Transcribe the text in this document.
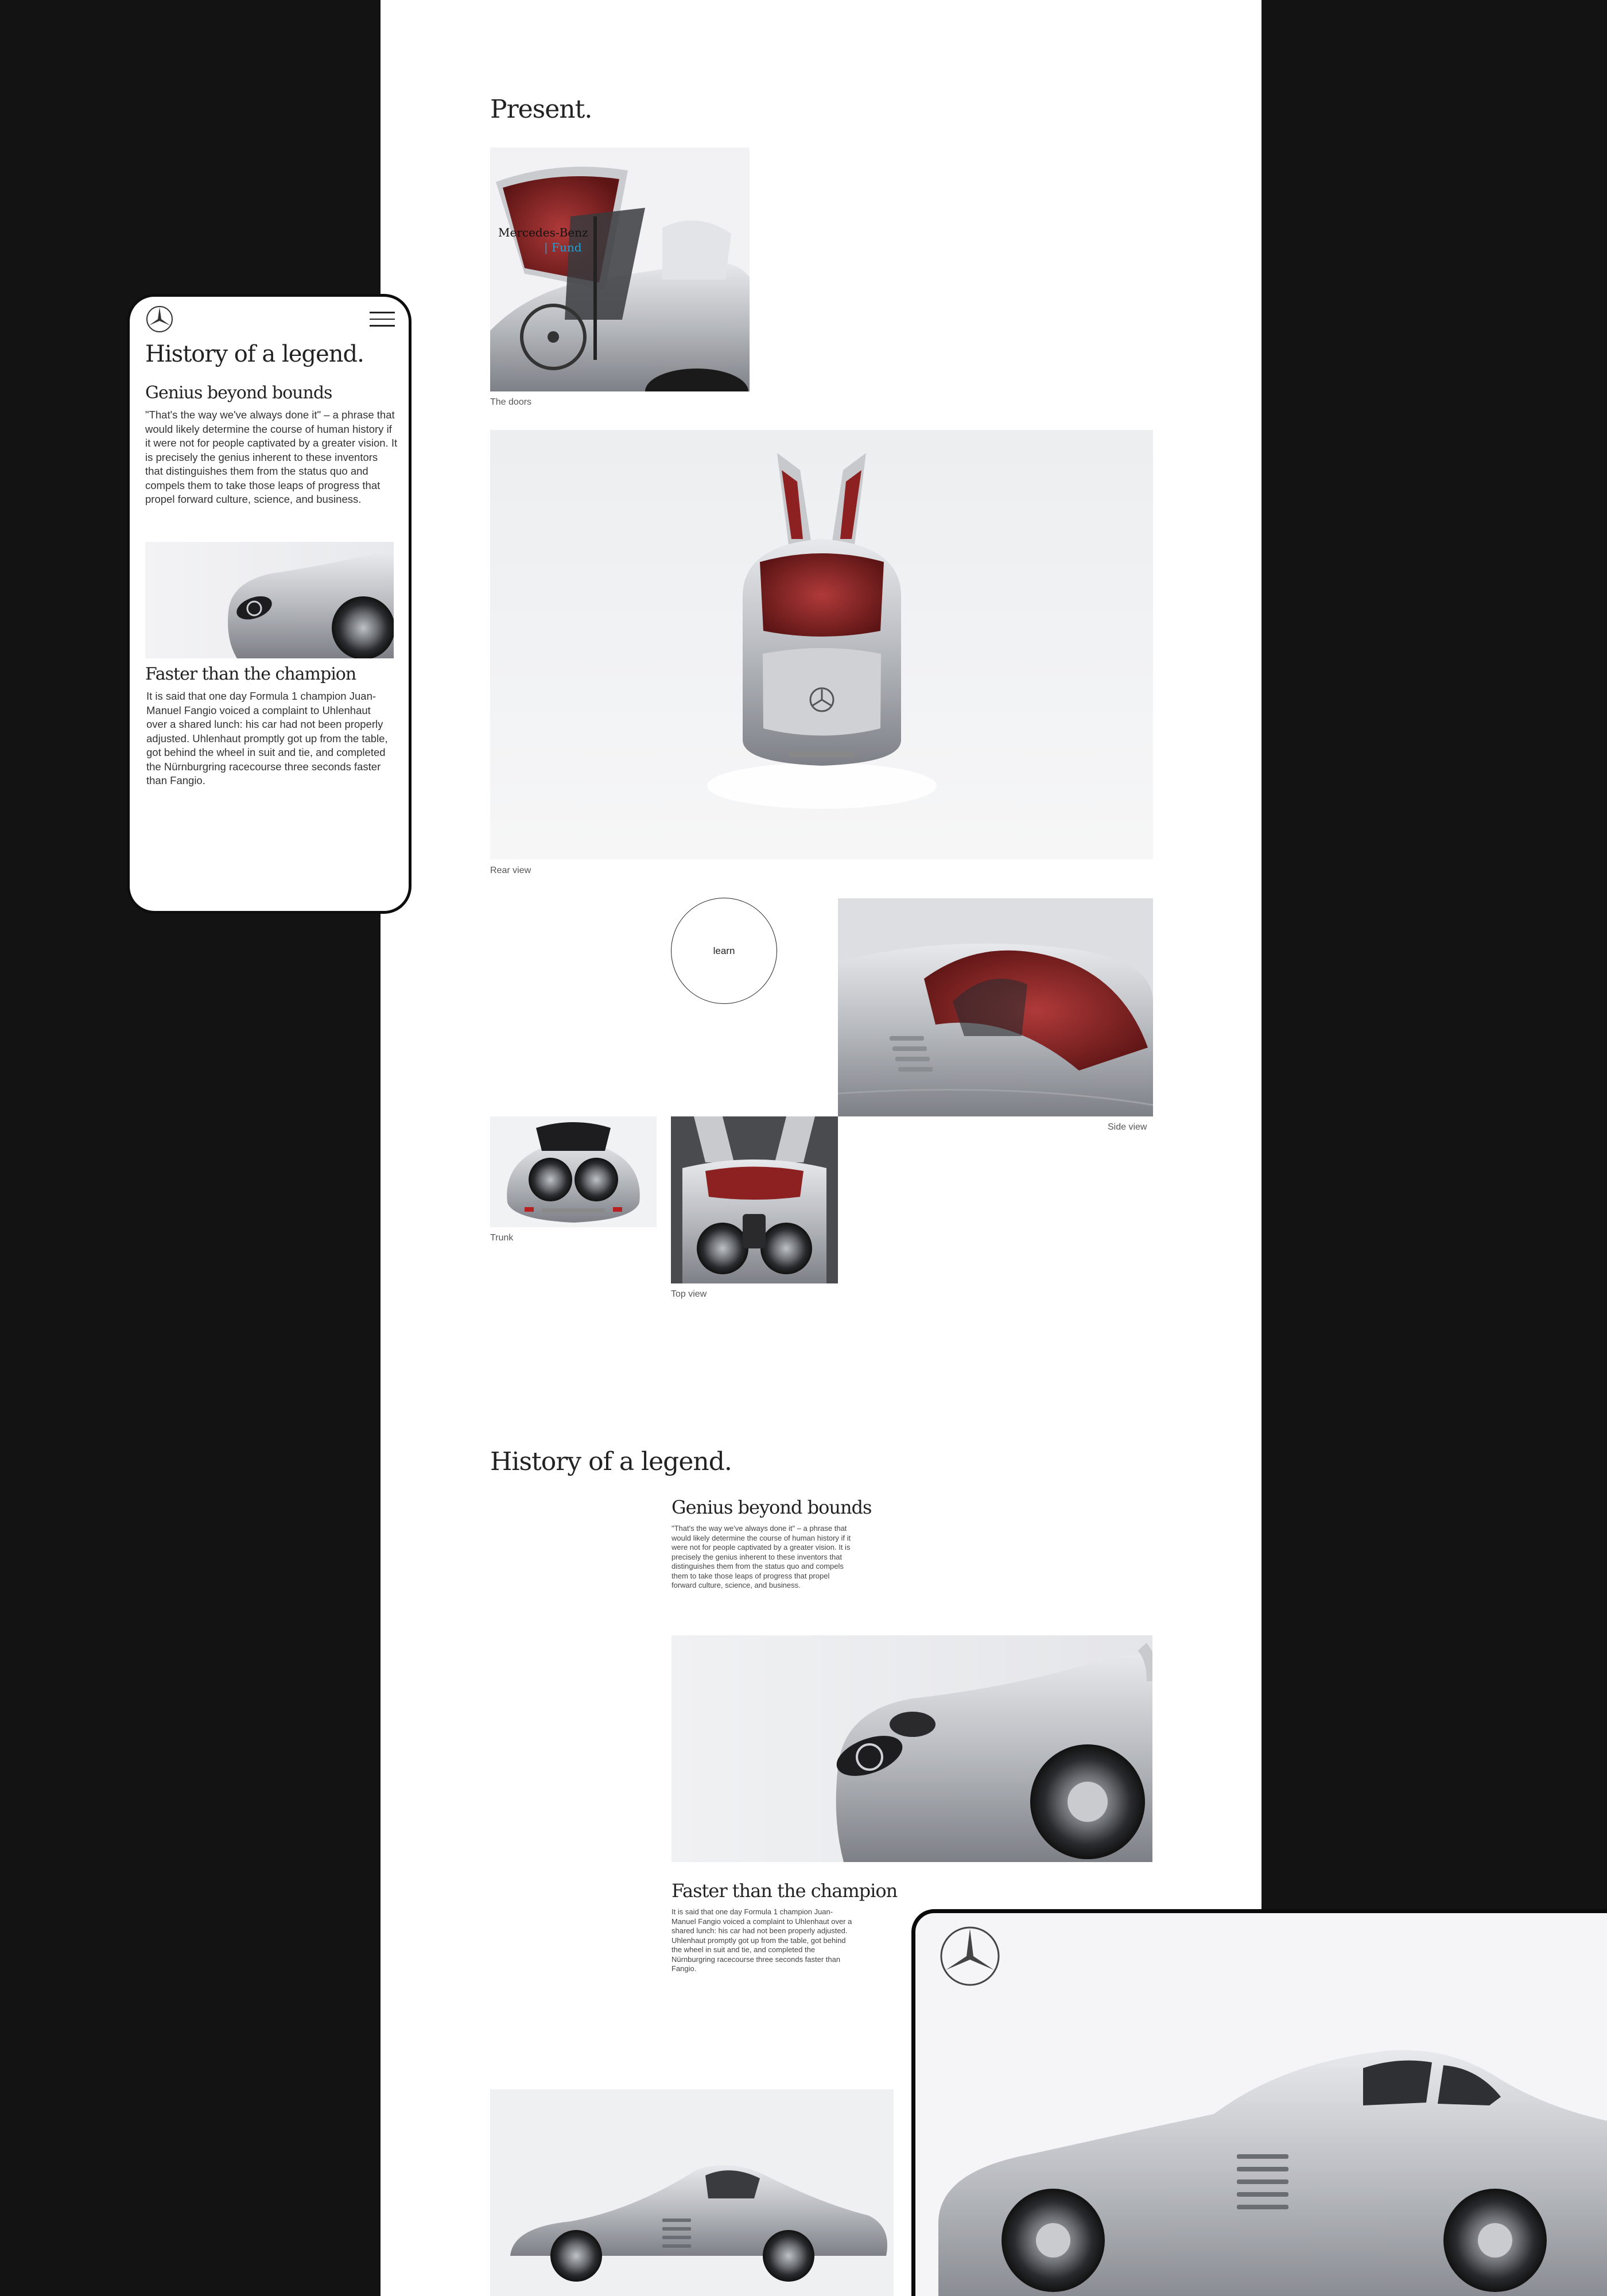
Present.
Mercedes-Benz
| Fund
The doors
Rear view
learn
Side view
Trunk
Top view
History of a legend.
Genius beyond bounds

"That's the way we've always done it" – a phrase that would likely determine the course of human history if it were not for people captivated by a greater vision. It is precisely the genius inherent to these inventors that distinguishes them from the status quo and compels them to take those leaps of progress that propel forward culture, science, and business.

Faster than the champion

It is said that one day Formula 1 champion Juan-Manuel Fangio voiced a complaint to Uhlenhaut over a shared lunch: his car had not been properly adjusted. Uhlenhaut promptly got up from the table, got behind the wheel in suit and tie, and completed the Nürnburgring racecourse three seconds faster than Fangio.

History of a legend.
Genius beyond bounds

"That's the way we've always done it" – a phrase that would likely determine the course of human history if it were not for people captivated by a greater vision. It is precisely the genius inherent to these inventors that distinguishes them from the status quo and compels them to take those leaps of progress that propel forward culture, science, and business.

Faster than the champion

It is said that one day Formula 1 champion Juan-Manuel Fangio voiced a complaint to Uhlenhaut over a shared lunch: his car had not been properly adjusted. Uhlenhaut promptly got up from the table, got behind the wheel in suit and tie, and completed the Nürnburgring racecourse three seconds faster than Fangio.
